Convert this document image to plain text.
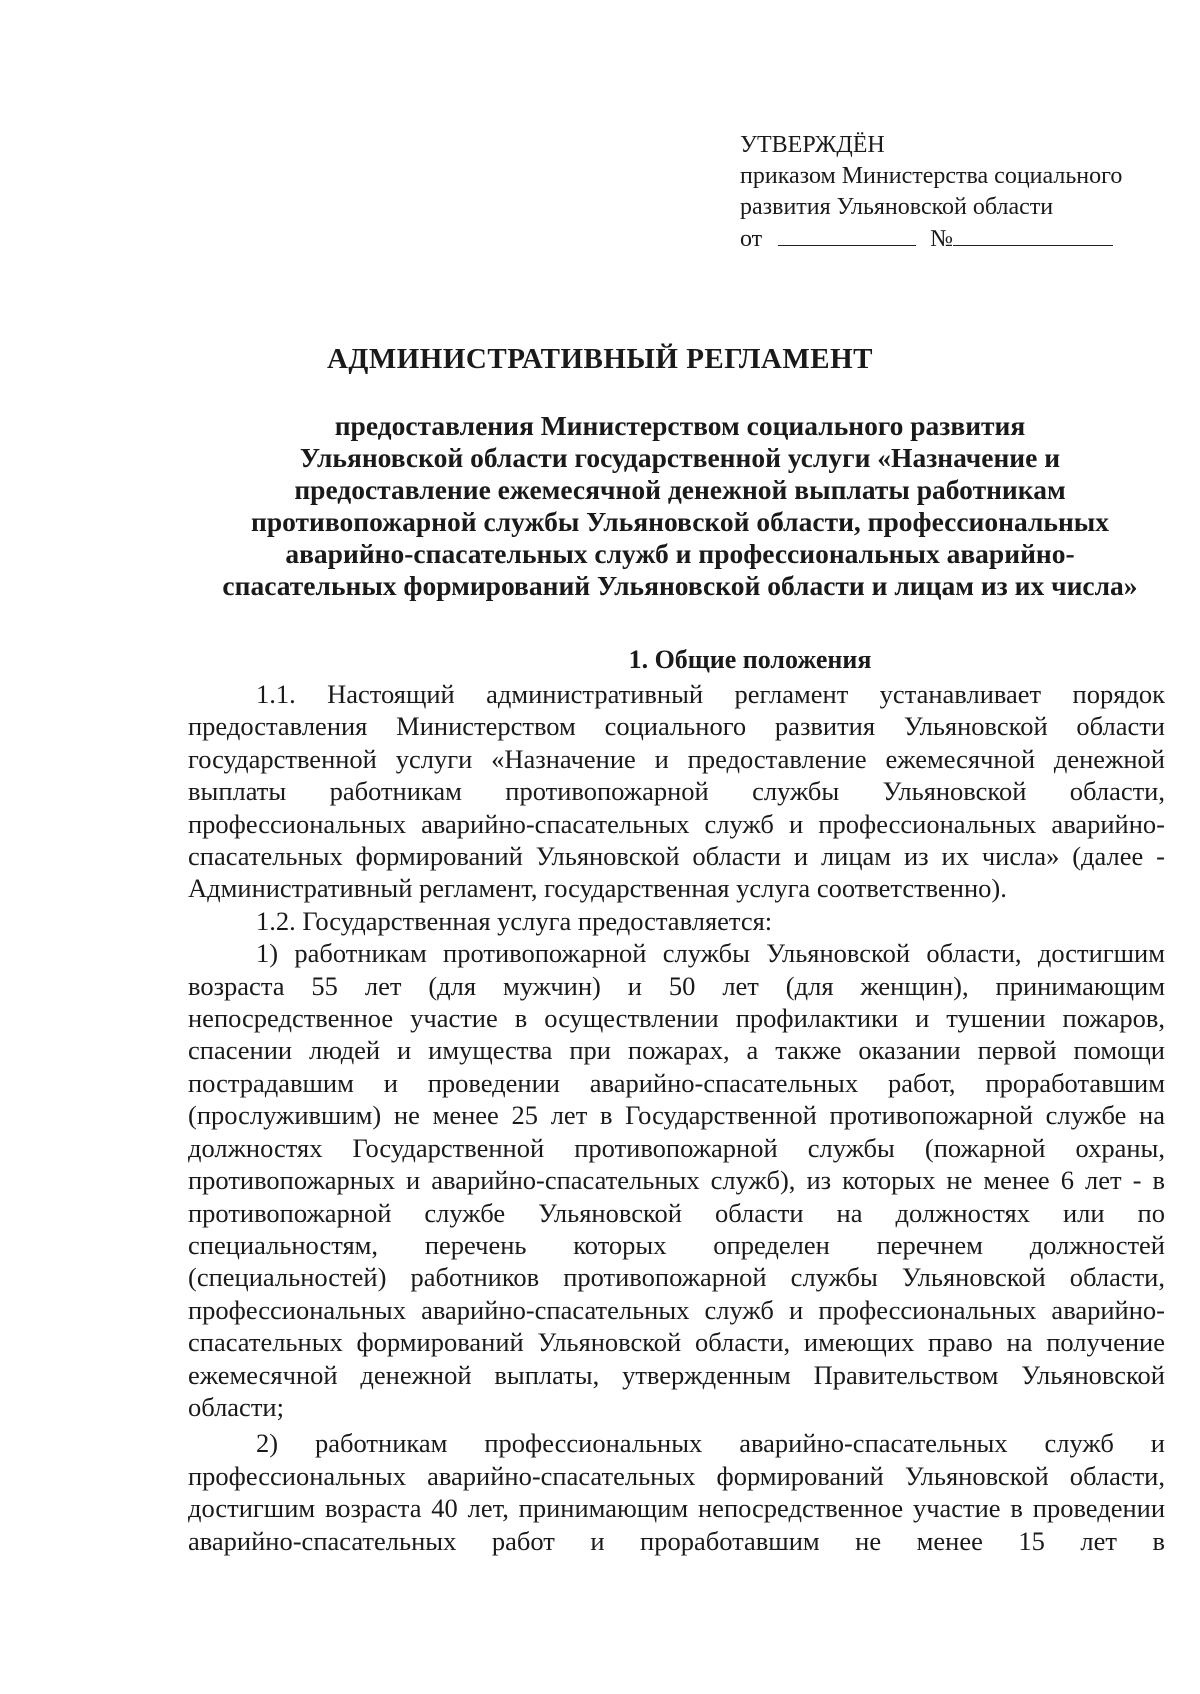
УТВЕРЖДЁН
приказом Министерства социального
развития Ульяновской области
от	№
АДМИНИСТРАТИВНЫЙ РЕГЛАМЕНТ
предоставления Министерством социального развития
Ульяновской области государственной услуги «Назначение и
предоставление ежемесячной денежной выплаты работникам
противопожарной службы Ульяновской области, профессиональных
аварийно-спасательных служб и профессиональных аварийно-
спасательных формирований Ульяновской области и лицам из их числа»
1. Общие положения

1.1. Настоящий административный регламент устанавливает порядок предоставления Министерством социального развития Ульяновской области государственной услуги «Назначение и предоставление ежемесячной денежной выплаты работникам противопожарной службы Ульяновской области, профессиональных аварийно-спасательных служб и профессиональных аварийно-спасательных формирований Ульяновской области и лицам из их числа» (далее - Административный регламент, государственная услуга соответственно).

1.2. Государственная услуга предоставляется:

1) работникам противопожарной службы Ульяновской области, достигшим возраста 55 лет (для мужчин) и 50 лет (для женщин), принимающим непосредственное участие в осуществлении профилактики и тушении пожаров, спасении людей и имущества при пожарах, а также оказании первой помощи пострадавшим и проведении аварийно-спасательных работ, проработавшим (прослужившим) не менее 25 лет в Государственной противопожарной службе на должностях Государственной противопожарной службы (пожарной охраны, противопожарных и аварийно-спасательных служб), из которых не менее 6 лет - в противопожарной службе Ульяновской области на должностях или по специальностям, перечень которых определен перечнем должностей (специальностей) работников противопожарной службы Ульяновской области, профессиональных аварийно-спасательных служб и профессиональных аварийно-спасательных формирований Ульяновской области, имеющих право на получение ежемесячной денежной выплаты, утвержденным Правительством Ульяновской области;

2) работникам профессиональных аварийно-спасательных служб и профессиональных аварийно-спасательных формирований Ульяновской области, достигшим возраста 40 лет, принимающим непосредственное участие в проведении аварийно-спасательных работ и проработавшим не менее 15 лет в
